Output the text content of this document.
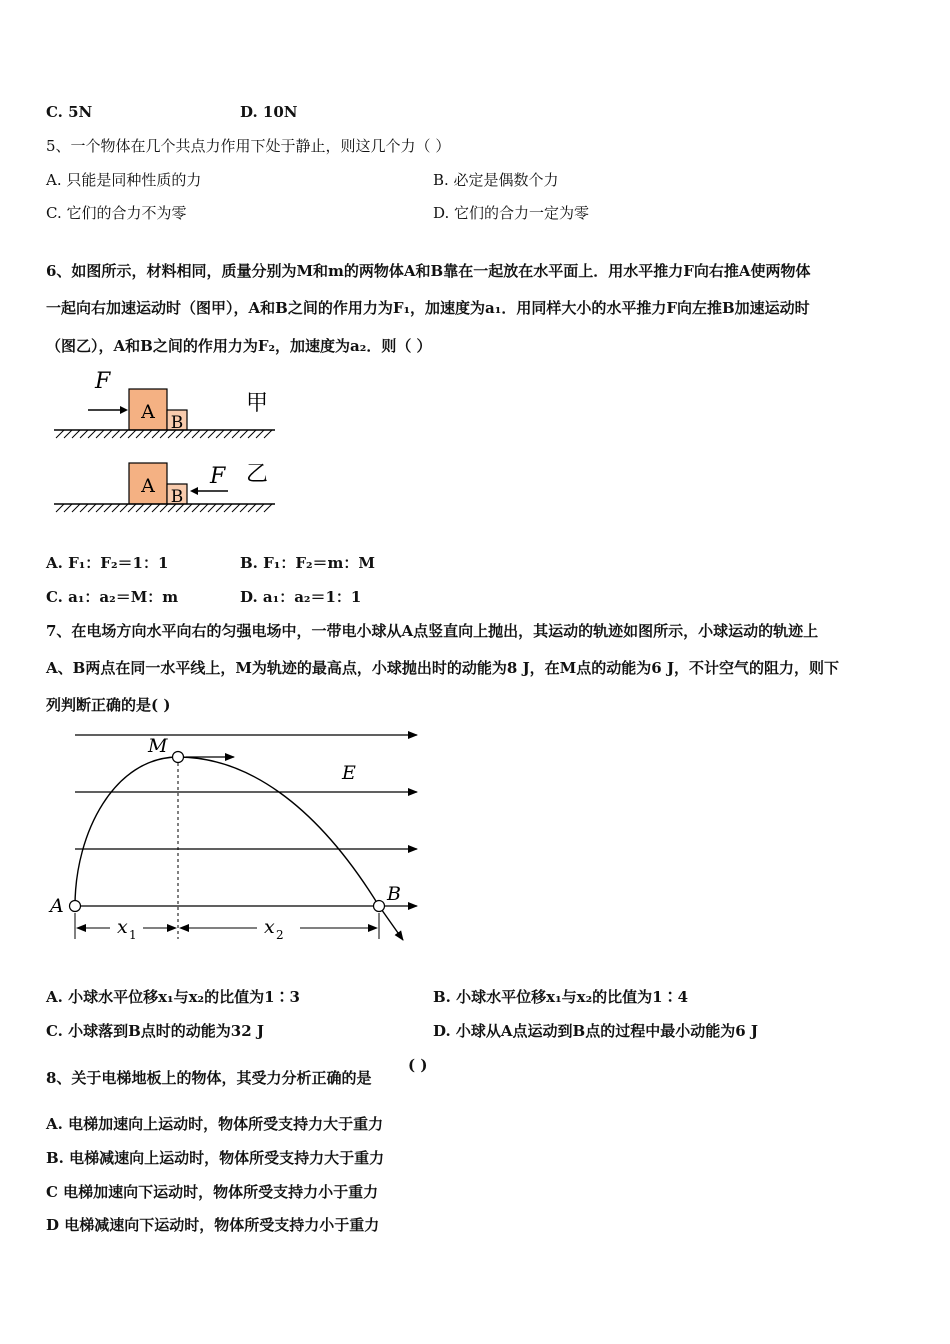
C. 5N	D. 10N
5、一个物体在几个共点力作用下处于静止，则这几个力（ ）
A. 只能是同种性质的力	B. 必定是偶数个力
C. 它们的合力不为零	D. 它们的合力一定为零
6、如图所示，材料相同，质量分别为M和m的两物体A和B靠在一起放在水平面上．用水平推力F向右推A使两物体
一起向右加速运动时（图甲），A和B之间的作用力为F₁，加速度为a₁．用同样大小的水平推力F向左推B加速运动时
（图乙），A和B之间的作用力为F₂，加速度为a₂．则（ ）
F
A B
甲
A B
F 乙
A. F₁：F₂＝1：1	B. F₁：F₂＝m：M
C. a₁：a₂＝M：m	D. a₁：a₂＝1：1
7、在电场方向水平向右的匀强电场中，一带电小球从A点竖直向上抛出，其运动的轨迹如图所示，小球运动的轨迹上
A、B两点在同一水平线上，M为轨迹的最高点，小球抛出时的动能为8 J，在M点的动能为6 J，不计空气的阻力，则下
列判断正确的是( )
M
E
A
B
x 1	x 2
A. 小球水平位移x₁与x₂的比值为1∶3	B. 小球水平位移x₁与x₂的比值为1∶4
C. 小球落到B点时的动能为32 J	D. 小球从A点运动到B点的过程中最小动能为6 J
8、关于电梯地板上的物体，其受力分析正确的是
( )
A. 电梯加速向上运动时，物体所受支持力大于重力
B. 电梯减速向上运动时，物体所受支持力大于重力
C 电梯加速向下运动时，物体所受支持力小于重力
D 电梯减速向下运动时，物体所受支持力小于重力
